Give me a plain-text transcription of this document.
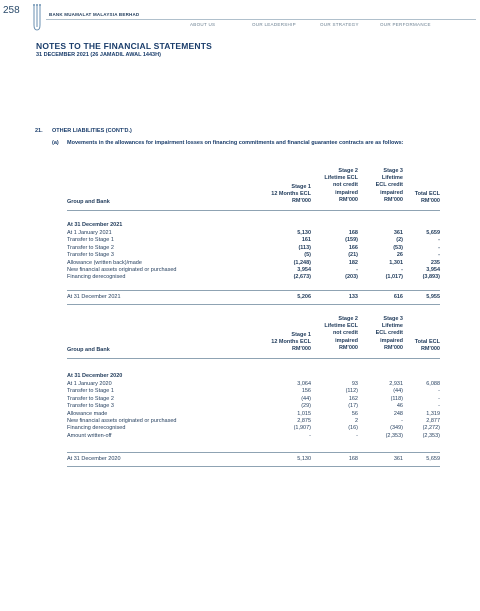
258	BANK MUAMALAT MALAYSIA BERHAD
ABOUT US	OUR LEADERSHIP	OUR STRATEGY	OUR PERFORMANCE
NOTES TO THE FINANCIAL STATEMENTS
31 DECEMBER 2021 (26 JAMADIL AWAL 1443H)
21. OTHER LIABILITIES (CONT'D.)
(a) Movements in the allowances for impairment losses on financing commitments and financial guarantee contracts are as follows:
Stage 1
12 Months ECL
RM'000
Stage 2
Lifetime ECL
not credit
impaired
RM'000
Stage 3
Lifetime
ECL credit
impaired
RM'000
Total ECL
RM'000
Group and Bank
At 31 December 2021
At 1 January 2021	5,130	168	361	5,659
Transfer to Stage 1	161	(159)	(2)	-
Transfer to Stage 2	(113)	166	(53)	-
Transfer to Stage 3	(5)	(21)	26	-
Allowance (written back)/made	(1,248)	182	1,301	235
New financial assets originated or purchased	3,954	-	-	3,954
Financing derecognised	(2,673)	(203)	(1,017)	(3,893)
At 31 December 2021	5,206	133	616	5,955
Stage 1
12 Months ECL
RM'000
Stage 2
Lifetime ECL
not credit
impaired
RM'000
Stage 3
Lifetime
ECL credit
impaired
RM'000
Total ECL
RM'000
Group and Bank
At 31 December 2020
At 1 January 2020	3,064	93	2,931	6,088
Transfer to Stage 1	156	(112)	(44)	-
Transfer to Stage 2	(44)	162	(118)	-
Transfer to Stage 3	(29)	(17)	46	-
Allowance made	1,015	56	248	1,319
New financial assets originated or purchased	2,875	2	-	2,877
Financing derecognised	(1,907)	(16)	(349)	(2,272)
Amount written-off	-	-	(2,353)	(2,353)
At 31 December 2020	5,130	168	361	5,659
